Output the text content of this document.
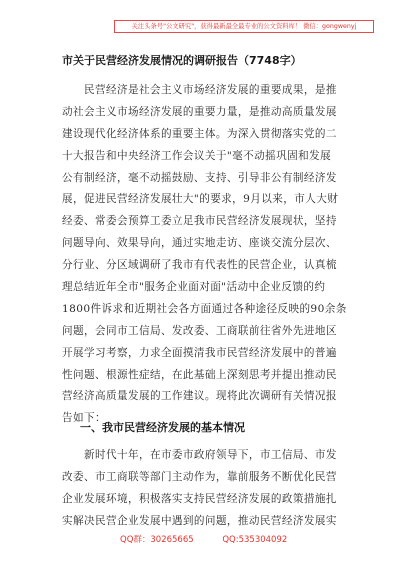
关注头条号"公文研究"，获得最新最全最专业的公文资料库！ 微信：gongwenyj
市关于民营经济发展情况的调研报告（7748字）
　　民营经济是社会主义市场经济发展的重要成果，是推
动社会主义市场经济发展的重要力量，是推动高质量发展
建设现代化经济体系的重要主体。为深入贯彻落实党的二
十大报告和中央经济工作会议关于"毫不动摇巩固和发展
公有制经济，毫不动摇鼓励、支持、引导非公有制经济发
展，促进民营经济发展壮大"的要求，9月以来，市人大财
经委、常委会预算工委立足我市民营经济发展现状，坚持
问题导向、效果导向，通过实地走访、座谈交流分层次、
分行业、分区域调研了我市有代表性的民营企业，认真梳
理总结近年全市"服务企业面对面"活动中企业反馈的约
1800件诉求和近期社会各方面通过各种途径反映的90余条
问题，会同市工信局、发改委、工商联前往省外先进地区
开展学习考察，力求全面摸清我市民营经济发展中的普遍
性问题、根源性症结，在此基础上深刻思考并提出推动民
营经济高质量发展的工作建议。现将此次调研有关情况报
告如下：
一、我市民营经济发展的基本情况
　　新时代十年，在市委市政府领导下，市工信局、市发
改委、市工商联等部门主动作为，靠前服务不断优化民营
企业发展环境，积极落实支持民营经济发展的政策措施扎
实解决民营企业发展中遇到的问题，推动民营经济发展实
QQ群：30265665	QQ:535304092
